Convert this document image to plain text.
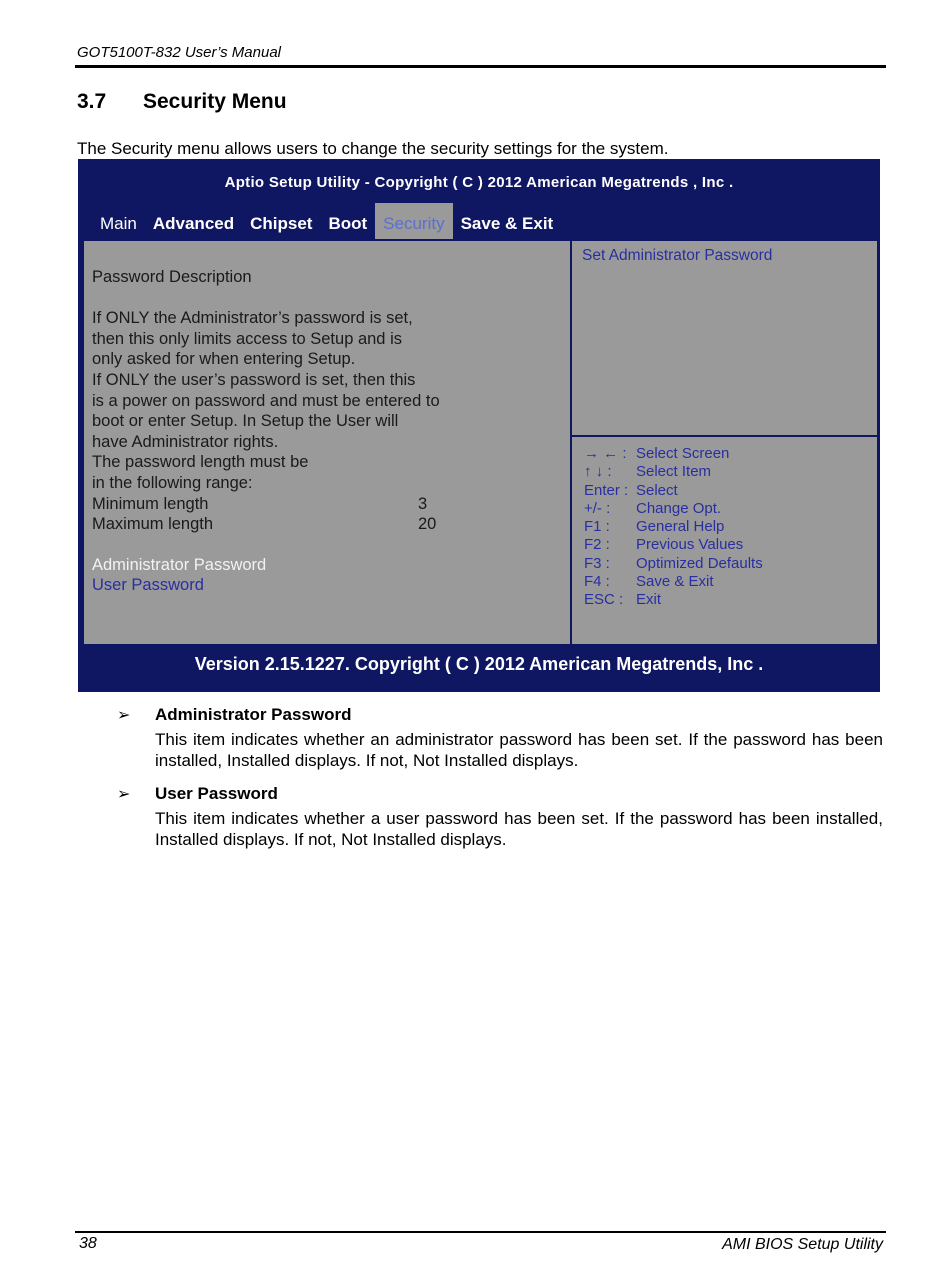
GOT5100T-832 User’s Manual
3.7 Security Menu
The Security menu allows users to change the security settings for the system.
Aptio Setup Utility - Copyright ( C ) 2012 American Megatrends , Inc .
Main Advanced Chipset Boot Security Save & Exit
Password Description
If ONLY the Administrator’s password is set,
then this only limits access to Setup and is
only asked for when entering Setup.
If ONLY the user’s password is set, then this
is a power on password and must be entered to
boot or enter Setup. In Setup the User will
have Administrator rights.
The password length must be
in the following range:
Minimum length	3
Maximum length	20
Administrator Password
User Password
Set Administrator Password
→ ← : Select Screen
↑ ↓ :	Select Item
Enter : Select
+/- :	Change Opt.
F1 :	General Help
F2 :	Previous Values
F3 :	Optimized Defaults
F4 :	Save & Exit
ESC : Exit
Version 2.15.1227. Copyright ( C ) 2012 American Megatrends, Inc .
➢ Administrator Password
This item indicates whether an administrator password has been set. If the password has been installed, Installed displays. If not, Not Installed displays.
➢ User Password
This item indicates whether a user password has been set. If the password has been installed, Installed displays. If not, Not Installed displays.
38	AMI BIOS Setup Utility
